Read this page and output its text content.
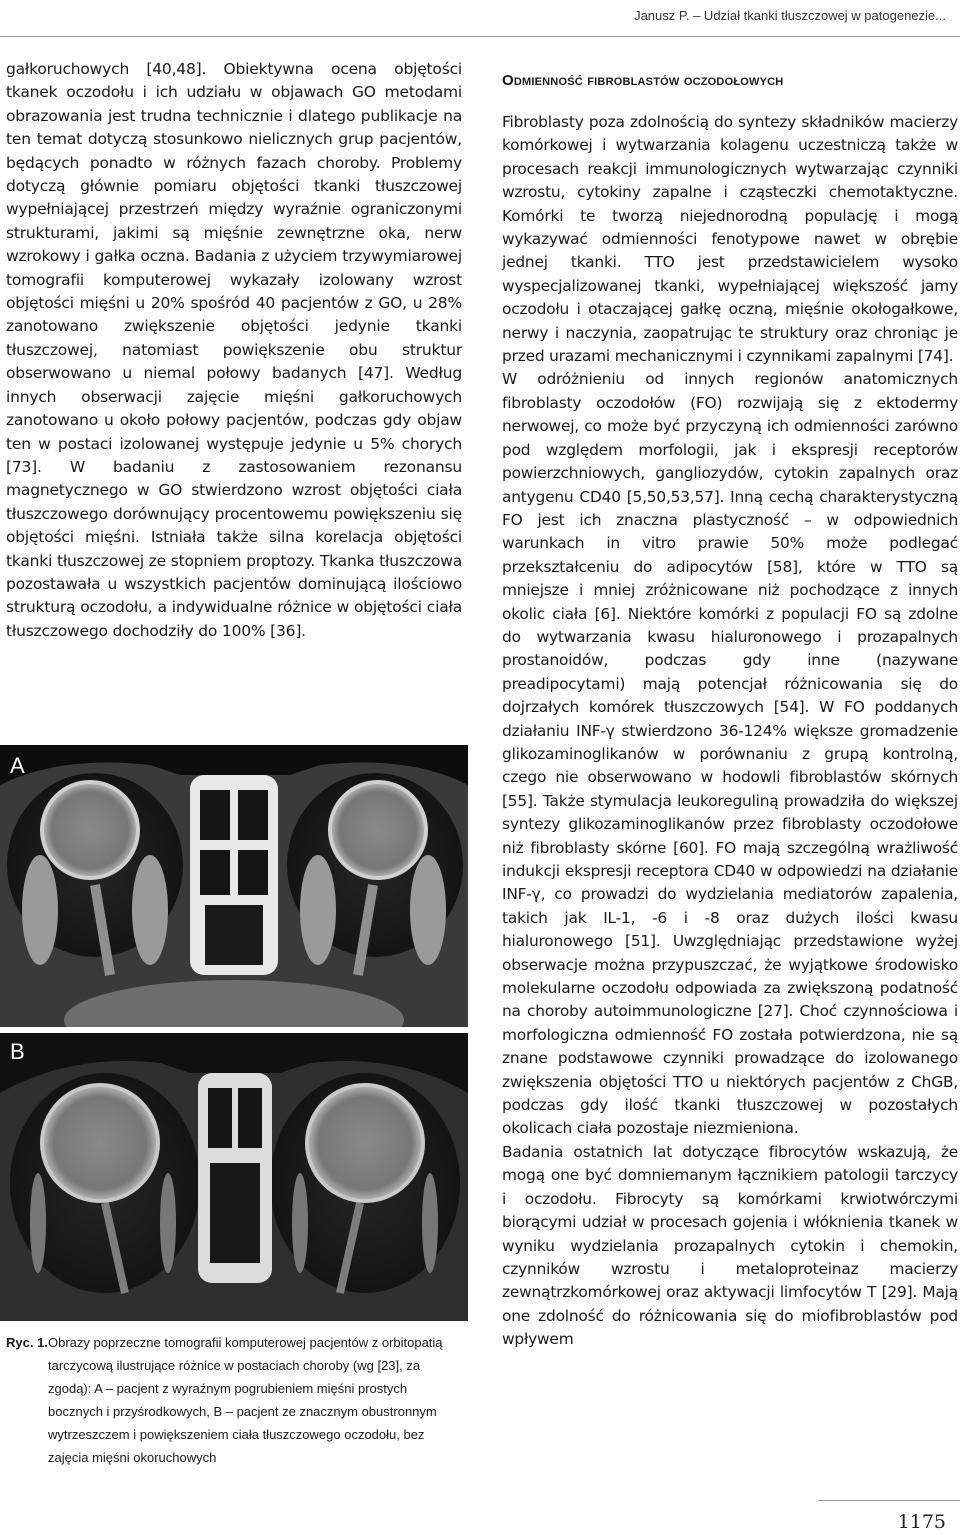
Janusz P. – Udział tkanki tłuszczowej w patogenezie...

gałkoruchowych [40,48]. Obiektywna ocena objętości tkanek oczodołu i ich udziału w objawach GO metodami obrazowania jest trudna technicznie i dlatego publikacje na ten temat dotyczą stosunkowo nielicznych grup pacjentów, będących ponadto w różnych fazach choroby. Problemy dotyczą głównie pomiaru objętości tkanki tłuszczowej wypełniającej przestrzeń między wyraźnie ograniczonymi strukturami, jakimi są mięśnie zewnętrzne oka, nerw wzrokowy i gałka oczna. Badania z użyciem trzywymiarowej tomografii komputerowej wykazały izolowany wzrost objętości mięśni u 20% spośród 40 pacjentów z GO, u 28% zanotowano zwiększenie objętości jedynie tkanki tłuszczowej, natomiast powiększenie obu struktur obserwowano u niemal połowy badanych [47]. Według innych obserwacji zajęcie mięśni gałkoruchowych zanotowano u około połowy pacjentów, podczas gdy objaw ten w postaci izolowanej występuje jedynie u 5% chorych [73]. W badaniu z zastosowaniem rezonansu magnetycznego w GO stwierdzono wzrost objętości ciała tłuszczowego dorównujący procentowemu powiększeniu się objętości mięśni. Istniała także silna korelacja objętości tkanki tłuszczowej ze stopniem proptozy. Tkanka tłuszczowa pozostawała u wszystkich pacjentów dominującą ilościowo strukturą oczodołu, a indywidualne różnice w objętości ciała tłuszczowego dochodziły do 100% [36].

A
B
Ryc. 1. Obrazy poprzeczne tomografii komputerowej pacjentów z orbitopatią tarczycową ilustrujące różnice w postaciach choroby (wg [23], za zgodą): A – pacjent z wyraźnym pogrubieniem mięśni prostych bocznych i przyśrodkowych, B – pacjent ze znacznym obustronnym wytrzeszczem i powiększeniem ciała tłuszczowego oczodołu, bez zajęcia mięśni okoruchowych
Odmienność fibroblastów oczodołowych

Fibroblasty poza zdolnością do syntezy składników macierzy komórkowej i wytwarzania kolagenu uczestniczą także w procesach reakcji immunologicznych wytwarzając czynniki wzrostu, cytokiny zapalne i cząsteczki chemotaktyczne. Komórki te tworzą niejednorodną populację i mogą wykazywać odmienności fenotypowe nawet w obrębie jednej tkanki. TTO jest przedstawicielem wysoko wyspecjalizowanej tkanki, wypełniającej większość jamy oczodołu i otaczającej gałkę oczną, mięśnie okołogałkowe, nerwy i naczynia, zaopatrując te struktury oraz chroniąc je przed urazami mechanicznymi i czynnikami zapalnymi [74].

W odróżnieniu od innych regionów anatomicznych fibroblasty oczodołów (FO) rozwijają się z ektodermy nerwowej, co może być przyczyną ich odmienności zarówno pod względem morfologii, jak i ekspresji receptorów powierzchniowych, gangliozydów, cytokin zapalnych oraz antygenu CD40 [5,50,53,57]. Inną cechą charakterystyczną FO jest ich znaczna plastyczność – w odpowiednich warunkach in vitro prawie 50% może podlegać przekształceniu do adipocytów [58], które w TTO są mniejsze i mniej zróżnicowane niż pochodzące z innych okolic ciała [6]. Niektóre komórki z populacji FO są zdolne do wytwarzania kwasu hialuronowego i prozapalnych prostanoidów, podczas gdy inne (nazywane preadipocytami) mają potencjał różnicowania się do dojrzałych komórek tłuszczowych [54]. W FO poddanych działaniu INF-γ stwierdzono 36-124% większe gromadzenie glikozaminoglikanów w porównaniu z grupą kontrolną, czego nie obserwowano w hodowli fibroblastów skórnych [55]. Także stymulacja leukoreguliną prowadziła do większej syntezy glikozaminoglikanów przez fibroblasty oczodołowe niż fibroblasty skórne [60]. FO mają szczególną wrażliwość indukcji ekspresji receptora CD40 w odpowiedzi na działanie INF-γ, co prowadzi do wydzielania mediatorów zapalenia, takich jak IL-1, -6 i -8 oraz dużych ilości kwasu hialuronowego [51]. Uwzględniając przedstawione wyżej obserwacje można przypuszczać, że wyjątkowe środowisko molekularne oczodołu odpowiada za zwiększoną podatność na choroby autoimmunologiczne [27]. Choć czynnościowa i morfologiczna odmienność FO została potwierdzona, nie są znane podstawowe czynniki prowadzące do izolowanego zwiększenia objętości TTO u niektórych pacjentów z ChGB, podczas gdy ilość tkanki tłuszczowej w pozostałych okolicach ciała pozostaje niezmieniona.

Badania ostatnich lat dotyczące fibrocytów wskazują, że mogą one być domniemanym łącznikiem patologii tarczycy i oczodołu. Fibrocyty są komórkami krwiotwórczymi biorącymi udział w procesach gojenia i włóknienia tkanek w wyniku wydzielania prozapalnych cytokin i chemokin, czynników wzrostu i metaloproteinaz macierzy zewnątrzkomórkowej oraz aktywacji limfocytów T [29]. Mają one zdolność do różnicowania się do miofibroblastów pod wpływem

1175
